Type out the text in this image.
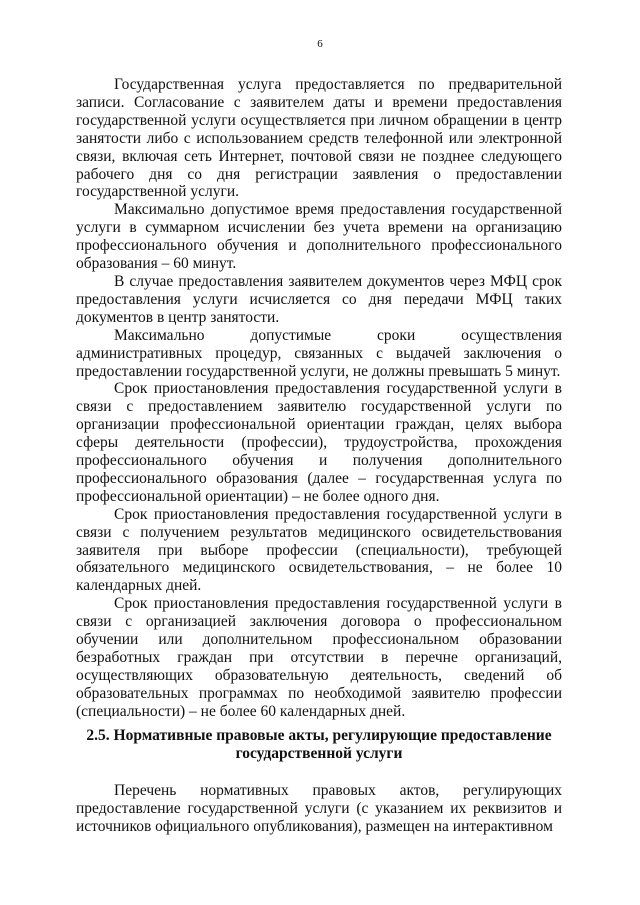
6

Государственная услуга предоставляется по предварительной записи. Согласование с заявителем даты и времени предоставления государственной услуги осуществляется при личном обращении в центр занятости либо с использованием средств телефонной или электронной связи, включая сеть Интернет, почтовой связи не позднее следующего рабочего дня со дня регистрации заявления о предоставлении государственной услуги.

Максимально допустимое время предоставления государственной услуги в суммарном исчислении без учета времени на организацию профессионального обучения и дополнительного профессионального образования – 60 минут.

В случае предоставления заявителем документов через МФЦ срок предоставления услуги исчисляется со дня передачи МФЦ таких документов в центр занятости.

Максимально допустимые сроки осуществления административных процедур, связанных с выдачей заключения о предоставлении государственной услуги, не должны превышать 5 минут.

Срок приостановления предоставления государственной услуги в связи с предоставлением заявителю государственной услуги по организации профессиональной ориентации граждан, целях выбора сферы деятельности (профессии), трудоустройства, прохождения профессионального обучения и получения дополнительного профессионального образования (далее – государственная услуга по профессиональной ориентации) – не более одного дня.

Срок приостановления предоставления государственной услуги в связи с получением результатов медицинского освидетельствования заявителя при выборе профессии (специальности), требующей обязательного медицинского освидетельствования, – не более 10 календарных дней.

Срок приостановления предоставления государственной услуги в связи с организацией заключения договора о профессиональном обучении или дополнительном профессиональном образовании безработных граждан при отсутствии в перечне организаций, осуществляющих образовательную деятельность, сведений об образовательных программах по необходимой заявителю профессии (специальности) – не более 60 календарных дней.

2.5. Нормативные правовые акты, регулирующие предоставление государственной услуги

Перечень нормативных правовых актов, регулирующих предоставление государственной услуги (с указанием их реквизитов и источников официального опубликования), размещен на интерактивном
